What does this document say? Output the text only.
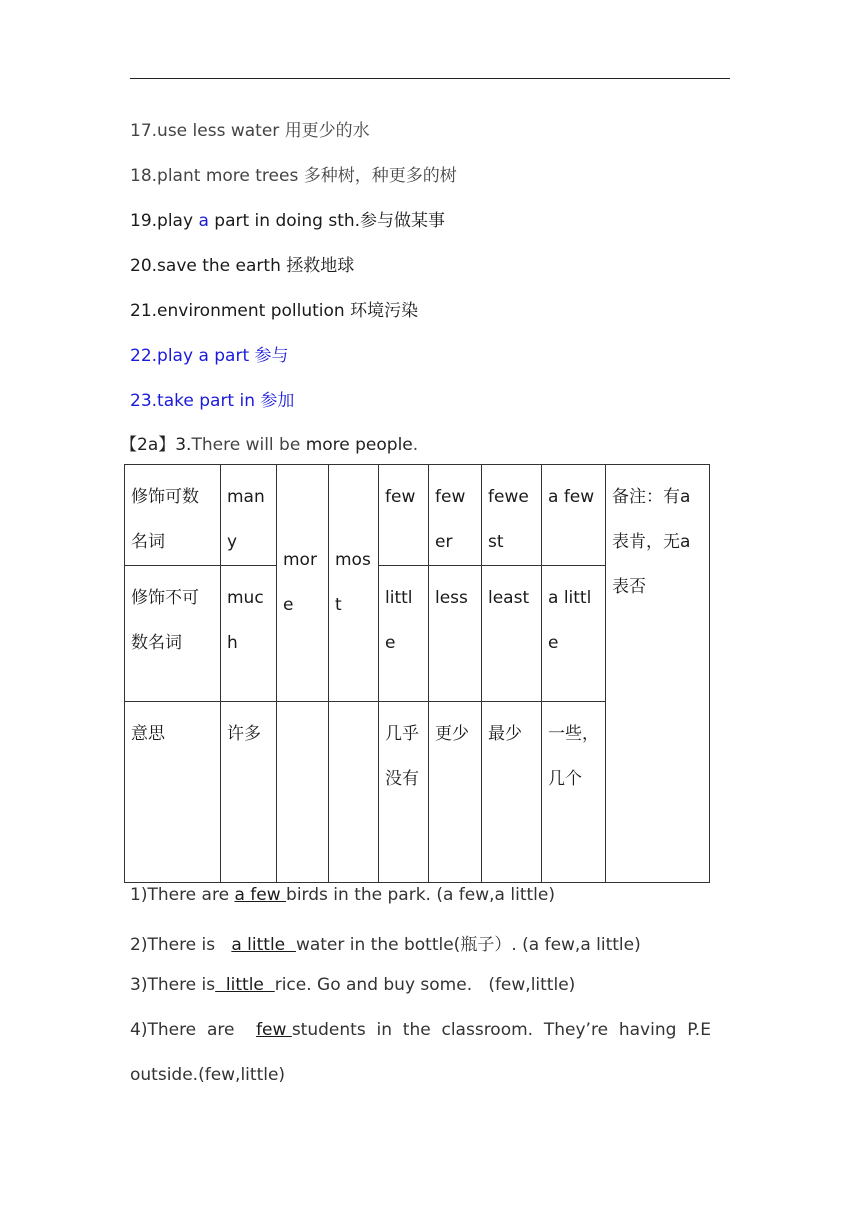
17.use less water 用更少的水
18.plant more trees 多种树，种更多的树
19.play a part in doing sth.参与做某事
20.save the earth 拯救地球
21.environment pollution 环境污染
22.play a part 参与
23.take part in 参加
【2a】3.There will be more people.
修饰可数名词	many	more	most	few	fewer	fewest	a few	备注：有a表肯，无a表否
修饰不可数名词	much			little	less	least	a little	
意思	许多			几乎没有	更少	最少	一些，几个	
1)There are a few birds in the park. (a few,a little)
2)There is   a little  water in the bottle(瓶子）. (a few,a little)
3)There is  little  rice. Go and buy some.   (few,little)
4)There  are    few students  in  the  classroom.  They’re  having  P.E
outside.(few,little)
